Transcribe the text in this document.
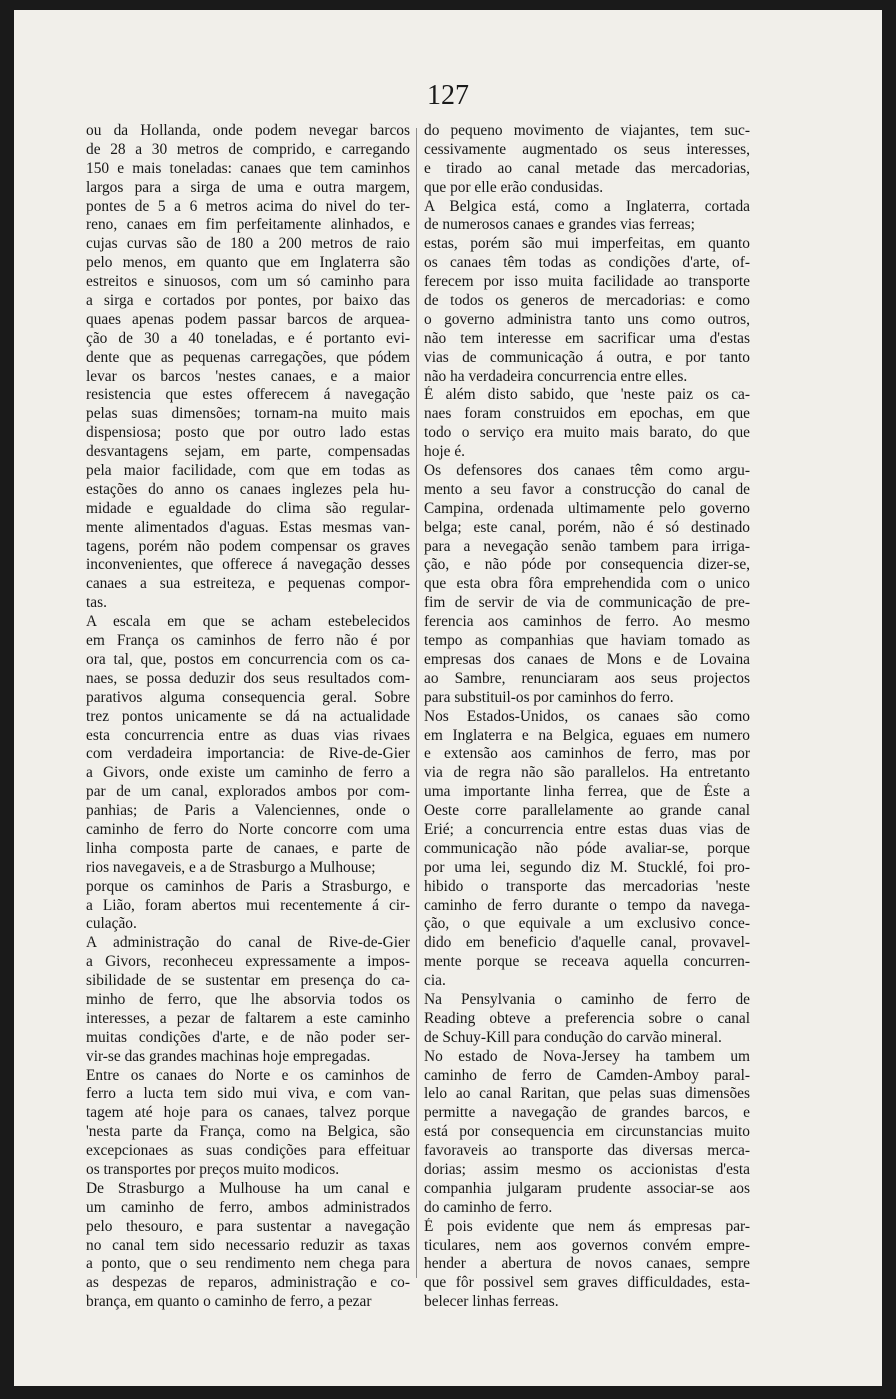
127
ou da Hollanda, onde podem nevegar barcos
de 28 a 30 metros de comprido, e carregando
150 e mais toneladas: canaes que tem caminhos
largos para a sirga de uma e outra margem,
pontes de 5 a 6 metros acima do nivel do ter-
reno, canaes em fim perfeitamente alinhados, e
cujas curvas são de 180 a 200 metros de raio
pelo menos, em quanto que em Inglaterra são
estreitos e sinuosos, com um só caminho para
a sirga e cortados por pontes, por baixo das
quaes apenas podem passar barcos de arquea-
ção de 30 a 40 toneladas, e é portanto evi-
dente que as pequenas carregações, que pódem
levar os barcos 'nestes canaes, e a maior
resistencia que estes offerecem á navegação
pelas suas dimensões; tornam-na muito mais
dispensiosa; posto que por outro lado estas
desvantagens sejam, em parte, compensadas
pela maior facilidade, com que em todas as
estações do anno os canaes inglezes pela hu-
midade e egualdade do clima são regular-
mente alimentados d'aguas. Estas mesmas van-
tagens, porém não podem compensar os graves
inconvenientes, que offerece á navegação desses
canaes a sua estreiteza, e pequenas compor-
tas.
A escala em que se acham estebelecidos
em França os caminhos de ferro não é por
ora tal, que, postos em concurrencia com os ca-
naes, se possa deduzir dos seus resultados com-
parativos alguma consequencia geral. Sobre
trez pontos unicamente se dá na actualidade
esta concurrencia entre as duas vias rivaes
com verdadeira importancia: de Rive-de-Gier
a Givors, onde existe um caminho de ferro a
par de um canal, explorados ambos por com-
panhias; de Paris a Valenciennes, onde o
caminho de ferro do Norte concorre com uma
linha composta parte de canaes, e parte de
rios navegaveis, e a de Strasburgo a Mulhouse;
porque os caminhos de Paris a Strasburgo, e
a Lião, foram abertos mui recentemente á cir-
culação.
A administração do canal de Rive-de-Gier
a Givors, reconheceu expressamente a impos-
sibilidade de se sustentar em presença do ca-
minho de ferro, que lhe absorvia todos os
interesses, a pezar de faltarem a este caminho
muitas condições d'arte, e de não poder ser-
vir-se das grandes machinas hoje empregadas.
Entre os canaes do Norte e os caminhos de
ferro a lucta tem sido mui viva, e com van-
tagem até hoje para os canaes, talvez porque
'nesta parte da França, como na Belgica, são
excepcionaes as suas condições para effeituar
os transportes por preços muito modicos.
De Strasburgo a Mulhouse ha um canal e
um caminho de ferro, ambos administrados
pelo thesouro, e para sustentar a navegação
no canal tem sido necessario reduzir as taxas
a ponto, que o seu rendimento nem chega para
as despezas de reparos, administração e co-
brança, em quanto o caminho de ferro, a pezar
do pequeno movimento de viajantes, tem suc-
cessivamente augmentado os seus interesses,
e tirado ao canal metade das mercadorias,
que por elle erão condusidas.
A Belgica está, como a Inglaterra, cortada
de numerosos canaes e grandes vias ferreas;
estas, porém são mui imperfeitas, em quanto
os canaes têm todas as condições d'arte, of-
ferecem por isso muita facilidade ao transporte
de todos os generos de mercadorias: e como
o governo administra tanto uns como outros,
não tem interesse em sacrificar uma d'estas
vias de communicação á outra, e por tanto
não ha verdadeira concurrencia entre elles.
É além disto sabido, que 'neste paiz os ca-
naes foram construidos em epochas, em que
todo o serviço era muito mais barato, do que
hoje é.
Os defensores dos canaes têm como argu-
mento a seu favor a construcção do canal de
Campina, ordenada ultimamente pelo governo
belga; este canal, porém, não é só destinado
para a nevegação senão tambem para irriga-
ção, e não póde por consequencia dizer-se,
que esta obra fôra emprehendida com o unico
fim de servir de via de communicação de pre-
ferencia aos caminhos de ferro. Ao mesmo
tempo as companhias que haviam tomado as
empresas dos canaes de Mons e de Lovaina
ao Sambre, renunciaram aos seus projectos
para substituil-os por caminhos do ferro.
Nos Estados-Unidos, os canaes são como
em Inglaterra e na Belgica, eguaes em numero
e extensão aos caminhos de ferro, mas por
via de regra não são parallelos. Ha entretanto
uma importante linha ferrea, que de Éste a
Oeste corre parallelamente ao grande canal
Erié; a concurrencia entre estas duas vias de
communicação não póde avaliar-se, porque
por uma lei, segundo diz M. Stucklé, foi pro-
hibido o transporte das mercadorias 'neste
caminho de ferro durante o tempo da navega-
ção, o que equivale a um exclusivo conce-
dido em beneficio d'aquelle canal, provavel-
mente porque se receava aquella concurren-
cia.
Na Pensylvania o caminho de ferro de
Reading obteve a preferencia sobre o canal
de Schuy-Kill para condução do carvão mineral.
No estado de Nova-Jersey ha tambem um
caminho de ferro de Camden-Amboy paral-
lelo ao canal Raritan, que pelas suas dimensões
permitte a navegação de grandes barcos, e
está por consequencia em circunstancias muito
favoraveis ao transporte das diversas merca-
dorias; assim mesmo os accionistas d'esta
companhia julgaram prudente associar-se aos
do caminho de ferro.
É pois evidente que nem ás empresas par-
ticulares, nem aos governos convém empre-
hender a abertura de novos canaes, sempre
que fôr possivel sem graves difficuldades, esta-
belecer linhas ferreas.
